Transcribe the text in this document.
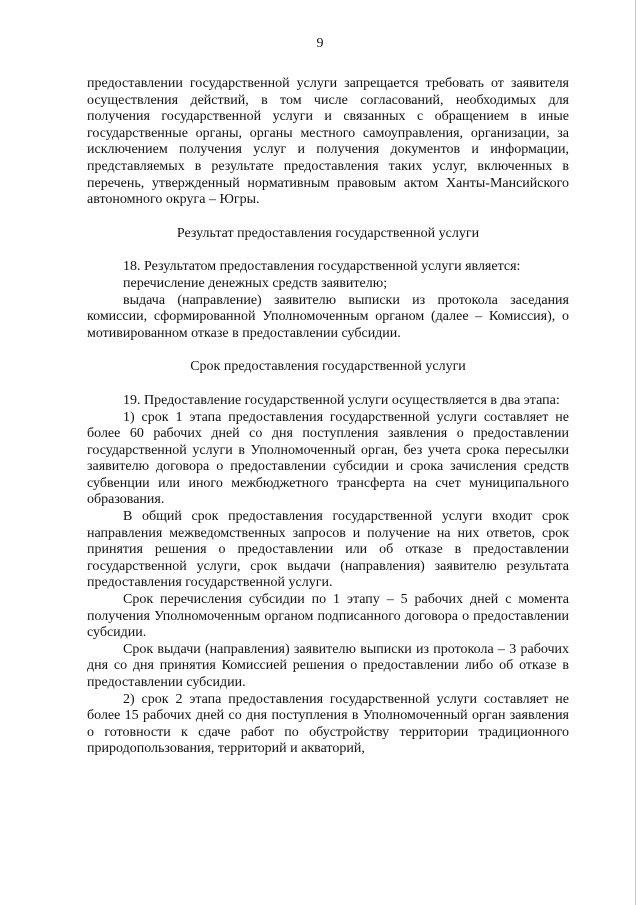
9

предоставлении государственной услуги запрещается требовать от заявителя осуществления действий, в том числе согласований, необходимых для получения государственной услуги и связанных с обращением в иные государственные органы, органы местного самоуправления, организации, за исключением получения услуг и получения документов и информации, представляемых в результате предоставления таких услуг, включенных в перечень, утвержденный нормативным правовым актом Ханты-Мансийского автономного округа – Югры.

Результат предоставления государственной услуги

18. Результатом предоставления государственной услуги является:

перечисление денежных средств заявителю;

выдача (направление) заявителю выписки из протокола заседания комиссии, сформированной Уполномоченным органом (далее – Комиссия), о мотивированном отказе в предоставлении субсидии.

Срок предоставления государственной услуги

19. Предоставление государственной услуги осуществляется в два этапа:

1) срок 1 этапа предоставления государственной услуги составляет не более 60 рабочих дней со дня поступления заявления о предоставлении государственной услуги в Уполномоченный орган, без учета срока пересылки заявителю договора о предоставлении субсидии и срока зачисления средств субвенции или иного межбюджетного трансферта на счет муниципального образования.

В общий срок предоставления государственной услуги входит срок направления межведомственных запросов и получение на них ответов, срок принятия решения о предоставлении или об отказе в предоставлении государственной услуги, срок выдачи (направления) заявителю результата предоставления государственной услуги.

Срок перечисления субсидии по 1 этапу – 5 рабочих дней с момента получения Уполномоченным органом подписанного договора о предоставлении субсидии.

Срок выдачи (направления) заявителю выписки из протокола – 3 рабочих дня со дня принятия Комиссией решения о предоставлении либо об отказе в предоставлении субсидии.

2) срок 2 этапа предоставления государственной услуги составляет не более 15 рабочих дней со дня поступления в Уполномоченный орган заявления о готовности к сдаче работ по обустройству территории традиционного природопользования, территорий и акваторий,
